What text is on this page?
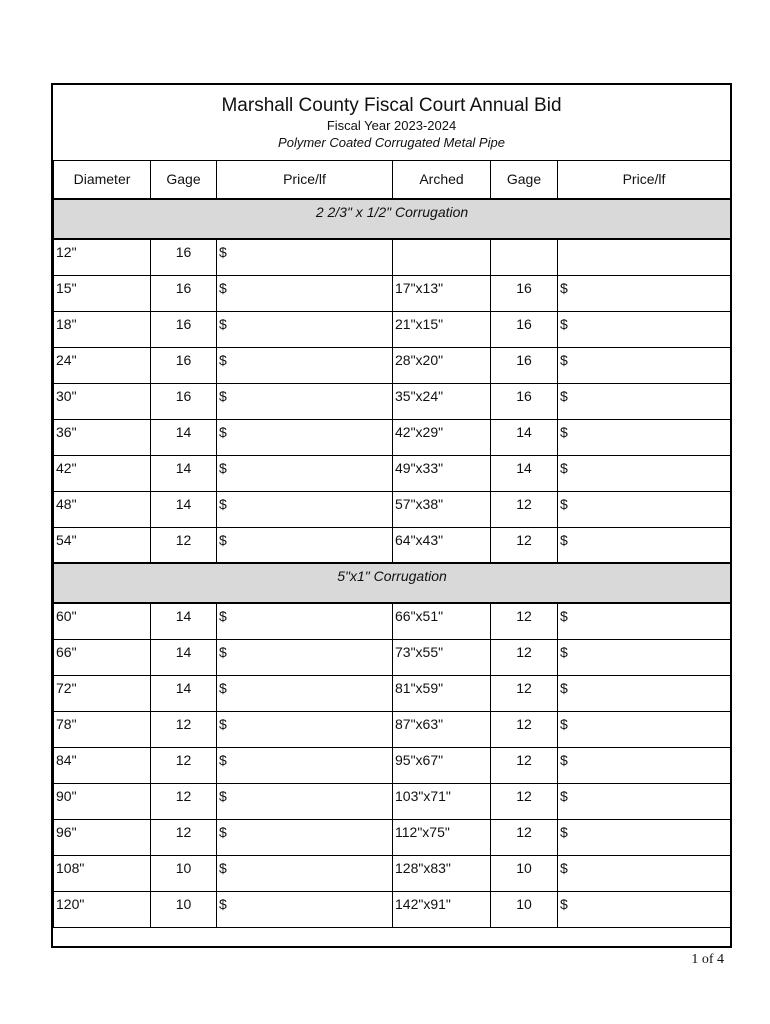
Marshall County Fiscal Court Annual Bid
Fiscal Year 2023-2024
Polymer Coated Corrugated Metal Pipe
Diameter	Gage	Price/lf	Arched	Gage	Price/lf
2 2/3" x 1/2" Corrugation					
12"	16	$			
15"	16	$	17"x13"	16	$
18"	16	$	21"x15"	16	$
24"	16	$	28"x20"	16	$
30"	16	$	35"x24"	16	$
36"	14	$	42"x29"	14	$
42"	14	$	49"x33"	14	$
48"	14	$	57"x38"	12	$
54"	12	$	64"x43"	12	$
5"x1" Corrugation					
60"	14	$	66"x51"	12	$
66"	14	$	73"x55"	12	$
72"	14	$	81"x59"	12	$
78"	12	$	87"x63"	12	$
84"	12	$	95"x67"	12	$
90"	12	$	103"x71"	12	$
96"	12	$	112"x75"	12	$
108"	10	$	128"x83"	10	$
120"	10	$	142"x91"	10	$
1 of 4
